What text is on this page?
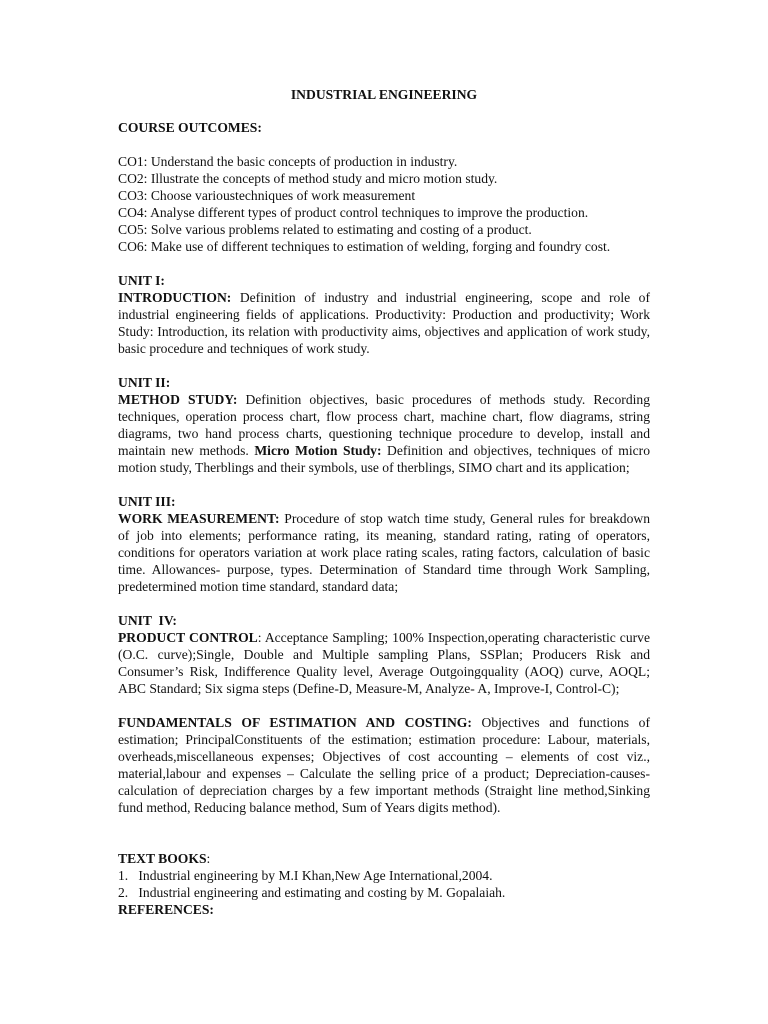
INDUSTRIAL ENGINEERING

COURSE OUTCOMES:

CO1: Understand the basic concepts of production in industry.

CO2: Illustrate the concepts of method study and micro motion study.

CO3: Choose varioustechniques of work measurement

CO4: Analyse different types of product control techniques to improve the production.

CO5: Solve various problems related to estimating and costing of a product.

CO6: Make use of different techniques to estimation of welding, forging and foundry cost.

UNIT I:

INTRODUCTION: Definition of industry and industrial engineering, scope and role of industrial engineering fields of applications. Productivity: Production and productivity; Work Study: Introduction, its relation with productivity aims, objectives and application of work study, basic procedure and techniques of work study.

UNIT II:

METHOD STUDY: Definition objectives, basic procedures of methods study. Recording techniques, operation process chart, flow process chart, machine chart, flow diagrams, string diagrams, two hand process charts, questioning technique procedure to develop, install and maintain new methods. Micro Motion Study: Definition and objectives, techniques of micro motion study, Therblings and their symbols, use of therblings, SIMO chart and its application;

UNIT III:

WORK MEASUREMENT: Procedure of stop watch time study, General rules for breakdown of job into elements; performance rating, its meaning, standard rating, rating of operators, conditions for operators variation at work place rating scales, rating factors, calculation of basic time. Allowances- purpose, types. Determination of Standard time through Work Sampling, predetermined motion time standard, standard data;

UNIT  IV:

PRODUCT CONTROL: Acceptance Sampling; 100% Inspection,operating characteristic curve (O.C. curve);Single, Double and Multiple sampling Plans, SSPlan; Producers Risk and Consumer’s Risk, Indifference Quality level, Average Outgoingquality (AOQ) curve, AOQL; ABC Standard; Six sigma steps (Define-D, Measure-M, Analyze- A, Improve-I, Control-C);

FUNDAMENTALS OF ESTIMATION AND COSTING: Objectives and functions of estimation; PrincipalConstituents of the estimation; estimation procedure: Labour, materials, overheads,miscellaneous expenses; Objectives of cost accounting – elements of cost viz., material,labour and expenses – Calculate the selling price of a product; Depreciation-causes-calculation of depreciation charges by a few important methods (Straight line method,Sinking fund method, Reducing balance method, Sum of Years digits method).

TEXT BOOKS:

1.   Industrial engineering by M.I Khan,New Age International,2004.

2.   Industrial engineering and estimating and costing by M. Gopalaiah.

REFERENCES:
